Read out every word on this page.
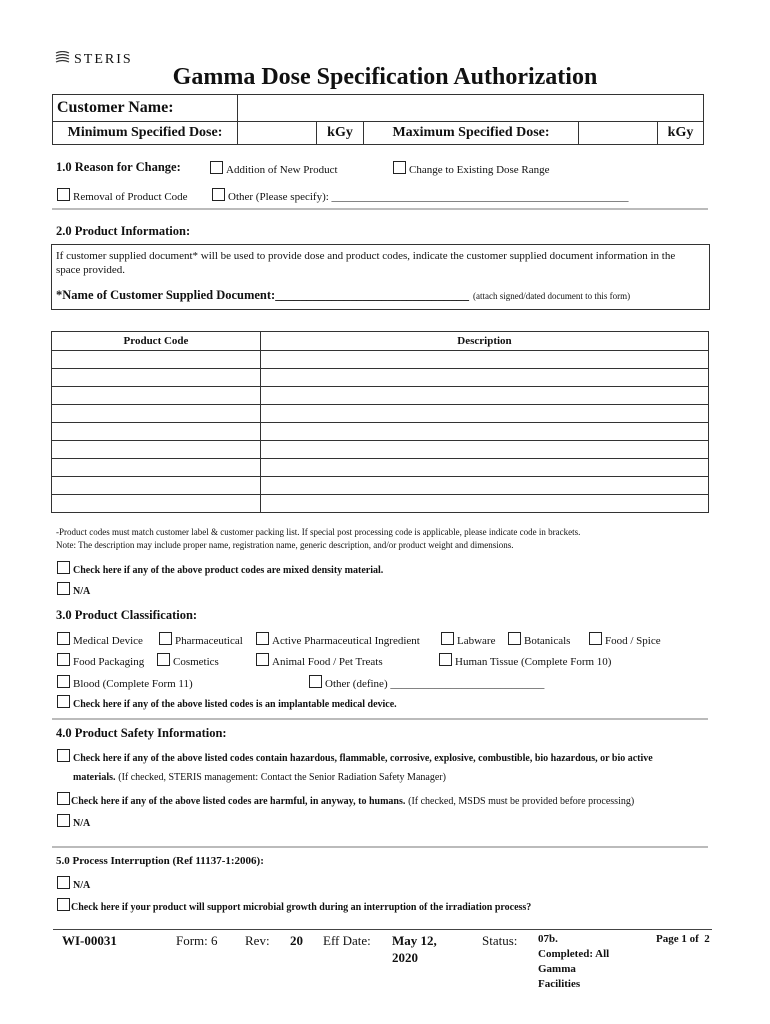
STERIS
Gamma Dose Specification Authorization
Customer Name:					
Minimum Specified Dose:		kGy	Maximum Specified Dose:		kGy
1.0 Reason for Change:	Addition of New Product	Change to Existing Dose Range
Removal of Product Code	Other (Please specify): ______________________________________________________
2.0 Product Information:
If customer supplied document* will be used to provide dose and product codes, indicate the customer supplied document information in the space provided.
*Name of Customer Supplied Document:_______________________________ (attach signed/dated document to this form)
Product Code	Description

-Product codes must match customer label & customer packing list. If special post processing code is applicable, please indicate code in brackets.
Note: The description may include proper name, registration name, generic description, and/or product weight and dimensions.
Check here if any of the above product codes are mixed density material.
N/A
3.0 Product Classification:
Medical Device	Pharmaceutical	Active Pharmaceutical Ingredient	Labware	Botanicals	Food / Spice
Food Packaging	Cosmetics	Animal Food / Pet Treats	Human Tissue (Complete Form 10)
Blood (Complete Form 11)	Other (define) ____________________________
Check here if any of the above listed codes is an implantable medical device.
4.0 Product Safety Information:
Check here if any of the above listed codes contain hazardous, flammable, corrosive, explosive, combustible, bio hazardous, or bio active
materials. (If checked, STERIS management: Contact the Senior Radiation Safety Manager)
Check here if any of the above listed codes are harmful, in anyway, to humans. (If checked, MSDS must be provided before processing)
N/A
5.0 Process Interruption (Ref 11137-1:2006):
N/A
Check here if your product will support microbial growth during an interruption of the irradiation process?
WI-00031	Form: 6 Rev: 20 Eff Date: May 12,
2020
Status: 07b.
Completed: All
Gamma
Facilities
Page 1 of  2
